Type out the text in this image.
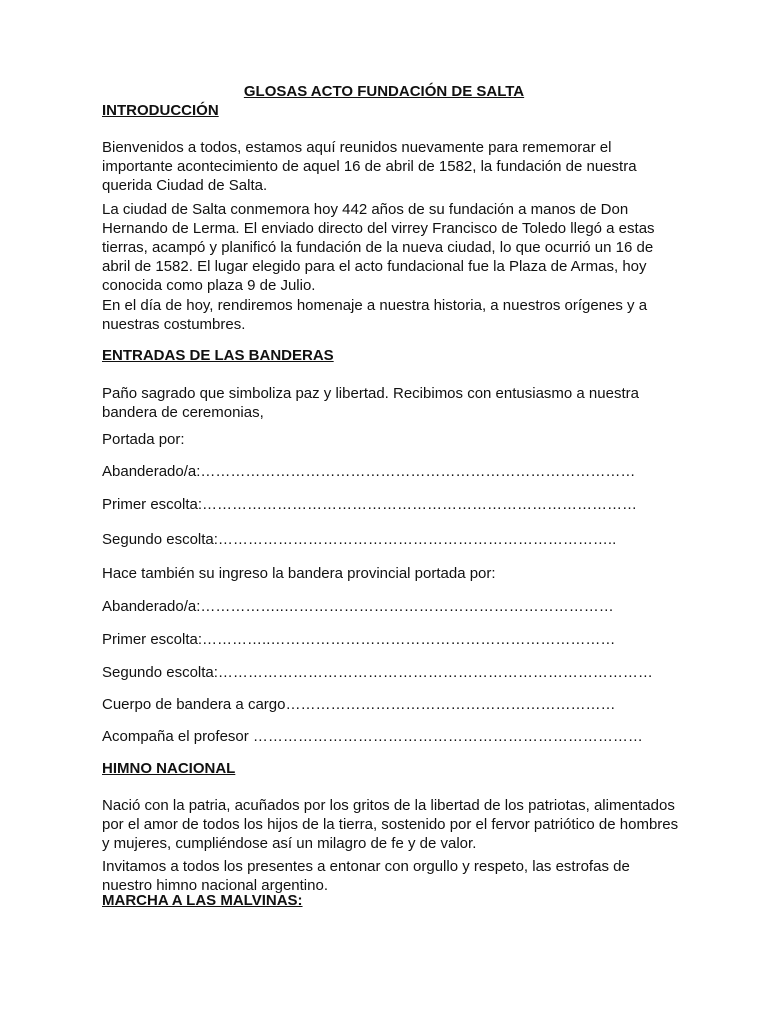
GLOSAS ACTO FUNDACIÓN DE SALTA

INTRODUCCIÓN

Bienvenidos a todos, estamos aquí reunidos nuevamente para rememorar el importante acontecimiento de aquel 16 de abril de 1582, la fundación de nuestra querida Ciudad de Salta.

La ciudad de Salta conmemora hoy 442 años de su fundación a manos de Don Hernando de Lerma. El enviado directo del virrey Francisco de Toledo llegó a estas tierras, acampó y planificó la fundación de la nueva ciudad, lo que ocurrió un 16 de abril de 1582. El lugar elegido para el acto fundacional fue la Plaza de Armas, hoy conocida como plaza 9 de Julio.

En el día de hoy, rendiremos homenaje a nuestra historia, a nuestros orígenes y a nuestras costumbres.

ENTRADAS DE LAS BANDERAS

Paño sagrado que simboliza paz y libertad. Recibimos con entusiasmo a nuestra bandera de ceremonias,

Portada por:

Abanderado/a:……………………………………………………………………………

Primer escolta:……………………………………………………………………………

Segundo escolta:……………………………………………………………………..

Hace también su ingreso la bandera provincial portada por:

Abanderado/a:……………..…………………………………………………………

Primer escolta:…………..……………………………………………………………

Segundo escolta:……………………………………………………………………………

Cuerpo de bandera a cargo…………………………………………………………

Acompaña el profesor ……………………………………………………………………

HIMNO NACIONAL

Nació con la patria, acuñados por los gritos de la libertad de los patriotas, alimentados por el amor de todos los hijos de la tierra, sostenido por el fervor patriótico de hombres y mujeres, cumpliéndose así un milagro de fe y de valor.

Invitamos a todos los presentes a entonar con orgullo y respeto, las estrofas de nuestro himno nacional argentino.

MARCHA A LAS MALVINAS:
